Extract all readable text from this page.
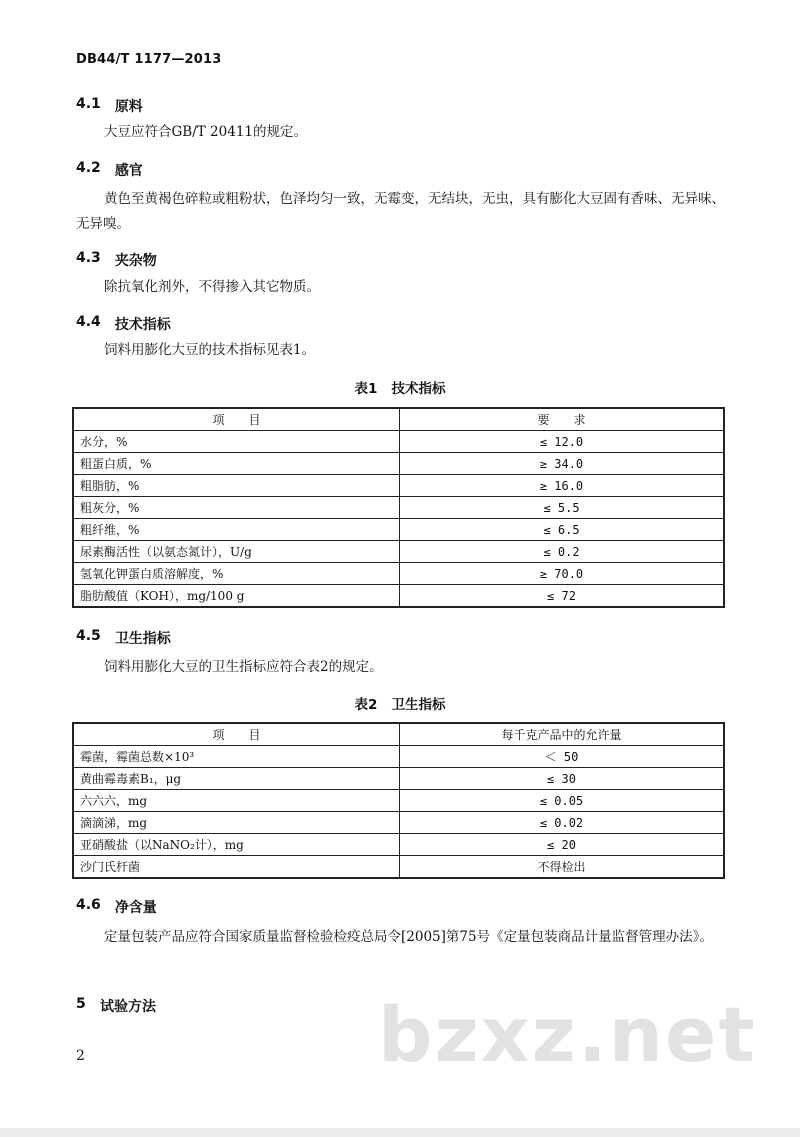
DB44/T 1177—2013
4.1 原料
大豆应符合GB/T 20411的规定。
4.2 感官
黄色至黄褐色碎粒或粗粉状，色泽均匀一致，无霉变，无结块，无虫，具有膨化大豆固有香味、无异味、无异嗅。
4.3 夹杂物
除抗氧化剂外，不得掺入其它物质。
4.4 技术指标
饲料用膨化大豆的技术指标见表1。
表1 技术指标
项　　目	要　　求
水分，%	≤ 12.0
粗蛋白质，%	≥ 34.0
粗脂肪，%	≥ 16.0
粗灰分，%	≤ 5.5
粗纤维，%	≤ 6.5
尿素酶活性（以氨态氮计），U/g	≤ 0.2
氢氧化钾蛋白质溶解度，%	≥ 70.0
脂肪酸值（KOH），mg/100 g	≤ 72
4.5 卫生指标
饲料用膨化大豆的卫生指标应符合表2的规定。
表2 卫生指标
项　　目	每千克产品中的允许量
霉菌，霉菌总数×10³	＜ 50
黄曲霉毒素B₁，μg	≤ 30
六六六，mg	≤ 0.05
滴滴涕，mg	≤ 0.02
亚硝酸盐（以NaNO₂计），mg	≤ 20
沙门氏杆菌	不得检出
4.6 净含量
定量包装产品应符合国家质量监督检验检疫总局令[2005]第75号《定量包装商品计量监督管理办法》。
5 试验方法	bzxz.net
2
